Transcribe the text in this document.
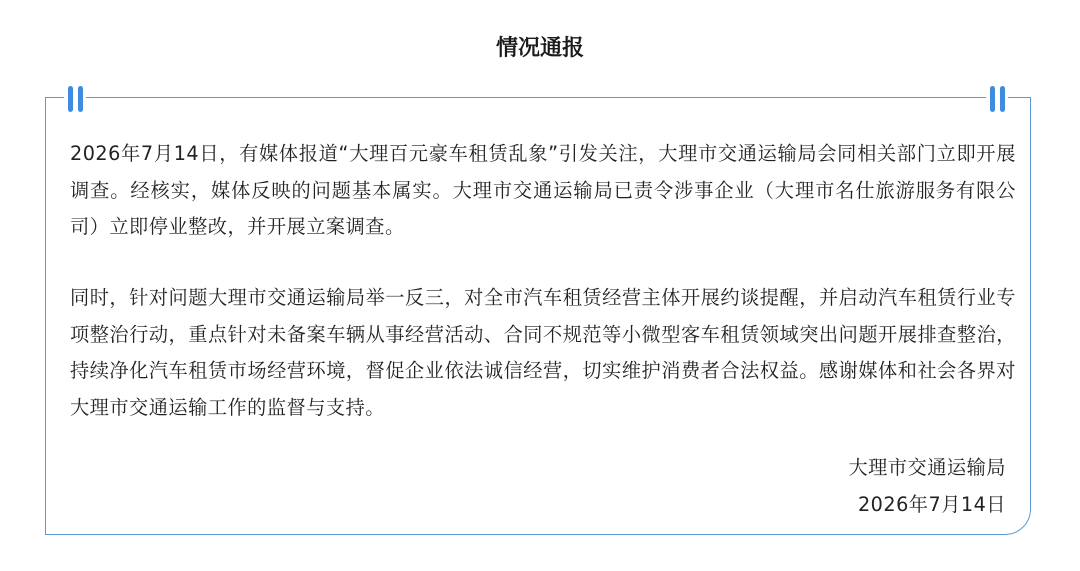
情况通报

2026年7月14日，有媒体报道“大理百元豪车租赁乱象”引发关注，大理市交通运输局会同相关部门立即开展调查。经核实，媒体反映的问题基本属实。大理市交通运输局已责令涉事企业（大理市名仕旅游服务有限公司）立即停业整改，并开展立案调查。

同时，针对问题大理市交通运输局举一反三，对全市汽车租赁经营主体开展约谈提醒，并启动汽车租赁行业专项整治行动，重点针对未备案车辆从事经营活动、合同不规范等小微型客车租赁领域突出问题开展排查整治，持续净化汽车租赁市场经营环境，督促企业依法诚信经营，切实维护消费者合法权益。感谢媒体和社会各界对大理市交通运输工作的监督与支持。

大理市交通运输局
2026年7月14日
